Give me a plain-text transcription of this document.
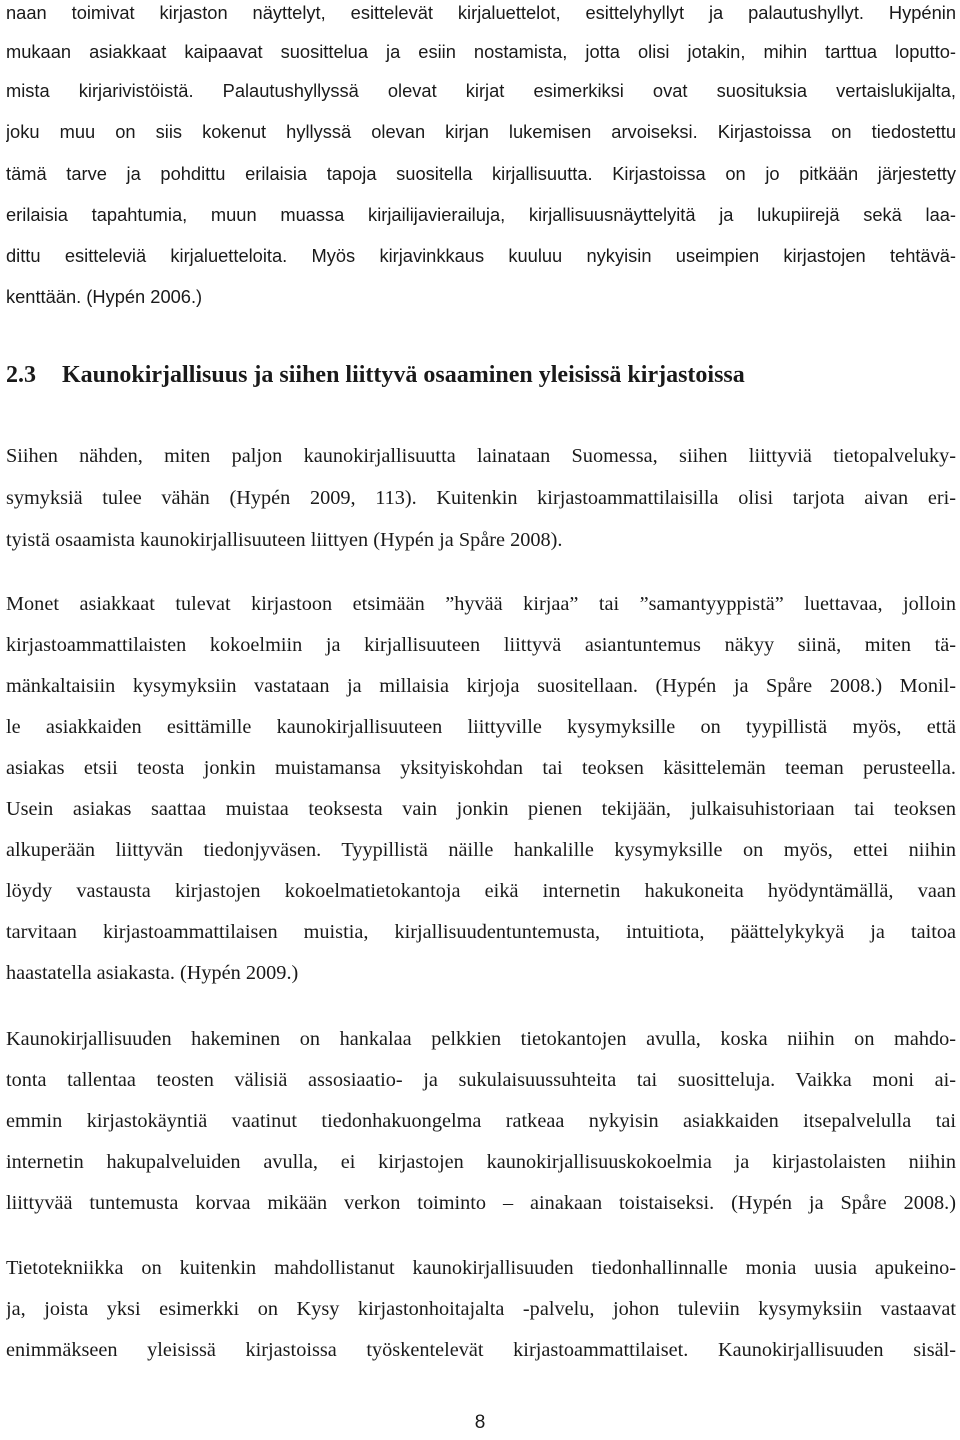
naan toimivat kirjaston näyttelyt, esittelevät kirjaluettelot, esittelyhyllyt ja palautushyllyt. Hypénin
mukaan asiakkaat kaipaavat suosittelua ja esiin nostamista, jotta olisi jotakin, mihin tarttua loputto-
mista kirjarivistöistä. Palautushyllyssä olevat kirjat esimerkiksi ovat suosituksia vertaislukijalta,
joku muu on siis kokenut hyllyssä olevan kirjan lukemisen arvoiseksi. Kirjastoissa on tiedostettu
tämä tarve ja pohdittu erilaisia tapoja suositella kirjallisuutta. Kirjastoissa on jo pitkään järjestetty
erilaisia tapahtumia, muun muassa kirjailijavierailuja, kirjallisuusnäyttelyitä ja lukupiirejä sekä laa-
dittu esitteleviä kirjaluetteloita. Myös kirjavinkkaus kuuluu nykyisin useimpien kirjastojen tehtävä-
kenttään. (Hypén 2006.)
2.3 Kaunokirjallisuus ja siihen liittyvä osaaminen yleisissä kirjastoissa
Siihen nähden, miten paljon kaunokirjallisuutta lainataan Suomessa, siihen liittyviä tietopalveluky-
symyksiä tulee vähän (Hypén 2009, 113). Kuitenkin kirjastoammattilaisilla olisi tarjota aivan eri-
tyistä osaamista kaunokirjallisuuteen liittyen (Hypén ja Spåre 2008).
Monet asiakkaat tulevat kirjastoon etsimään ”hyvää kirjaa” tai ”samantyyppistä” luettavaa, jolloin
kirjastoammattilaisten kokoelmiin ja kirjallisuuteen liittyvä asiantuntemus näkyy siinä, miten tä-
mänkaltaisiin kysymyksiin vastataan ja millaisia kirjoja suositellaan. (Hypén ja Spåre 2008.) Monil-
le asiakkaiden esittämille kaunokirjallisuuteen liittyville kysymyksille on tyypillistä myös, että
asiakas etsii teosta jonkin muistamansa yksityiskohdan tai teoksen käsittelemän teeman perusteella.
Usein asiakas saattaa muistaa teoksesta vain jonkin pienen tekijään, julkaisuhistoriaan tai teoksen
alkuperään liittyvän tiedonjyväsen. Tyypillistä näille hankalille kysymyksille on myös, ettei niihin
löydy vastausta kirjastojen kokoelmatietokantoja eikä internetin hakukoneita hyödyntämällä, vaan
tarvitaan kirjastoammattilaisen muistia, kirjallisuudentuntemusta, intuitiota, päättelykykyä ja taitoa
haastatella asiakasta. (Hypén 2009.)
Kaunokirjallisuuden hakeminen on hankalaa pelkkien tietokantojen avulla, koska niihin on mahdo-
tonta tallentaa teosten välisiä assosiaatio- ja sukulaisuussuhteita tai suositteluja. Vaikka moni ai-
emmin kirjastokäyntiä vaatinut tiedonhakuongelma ratkeaa nykyisin asiakkaiden itsepalvelulla tai
internetin hakupalveluiden avulla, ei kirjastojen kaunokirjallisuuskokoelmia ja kirjastolaisten niihin
liittyvää tuntemusta korvaa mikään verkon toiminto – ainakaan toistaiseksi. (Hypén ja Spåre 2008.)
Tietotekniikka on kuitenkin mahdollistanut kaunokirjallisuuden tiedonhallinnalle monia uusia apukeino-
ja, joista yksi esimerkki on Kysy kirjastonhoitajalta -palvelu, johon tuleviin kysymyksiin vastaavat
enimmäkseen yleisissä kirjastoissa työskentelevät kirjastoammattilaiset. Kaunokirjallisuuden sisäl-
8
